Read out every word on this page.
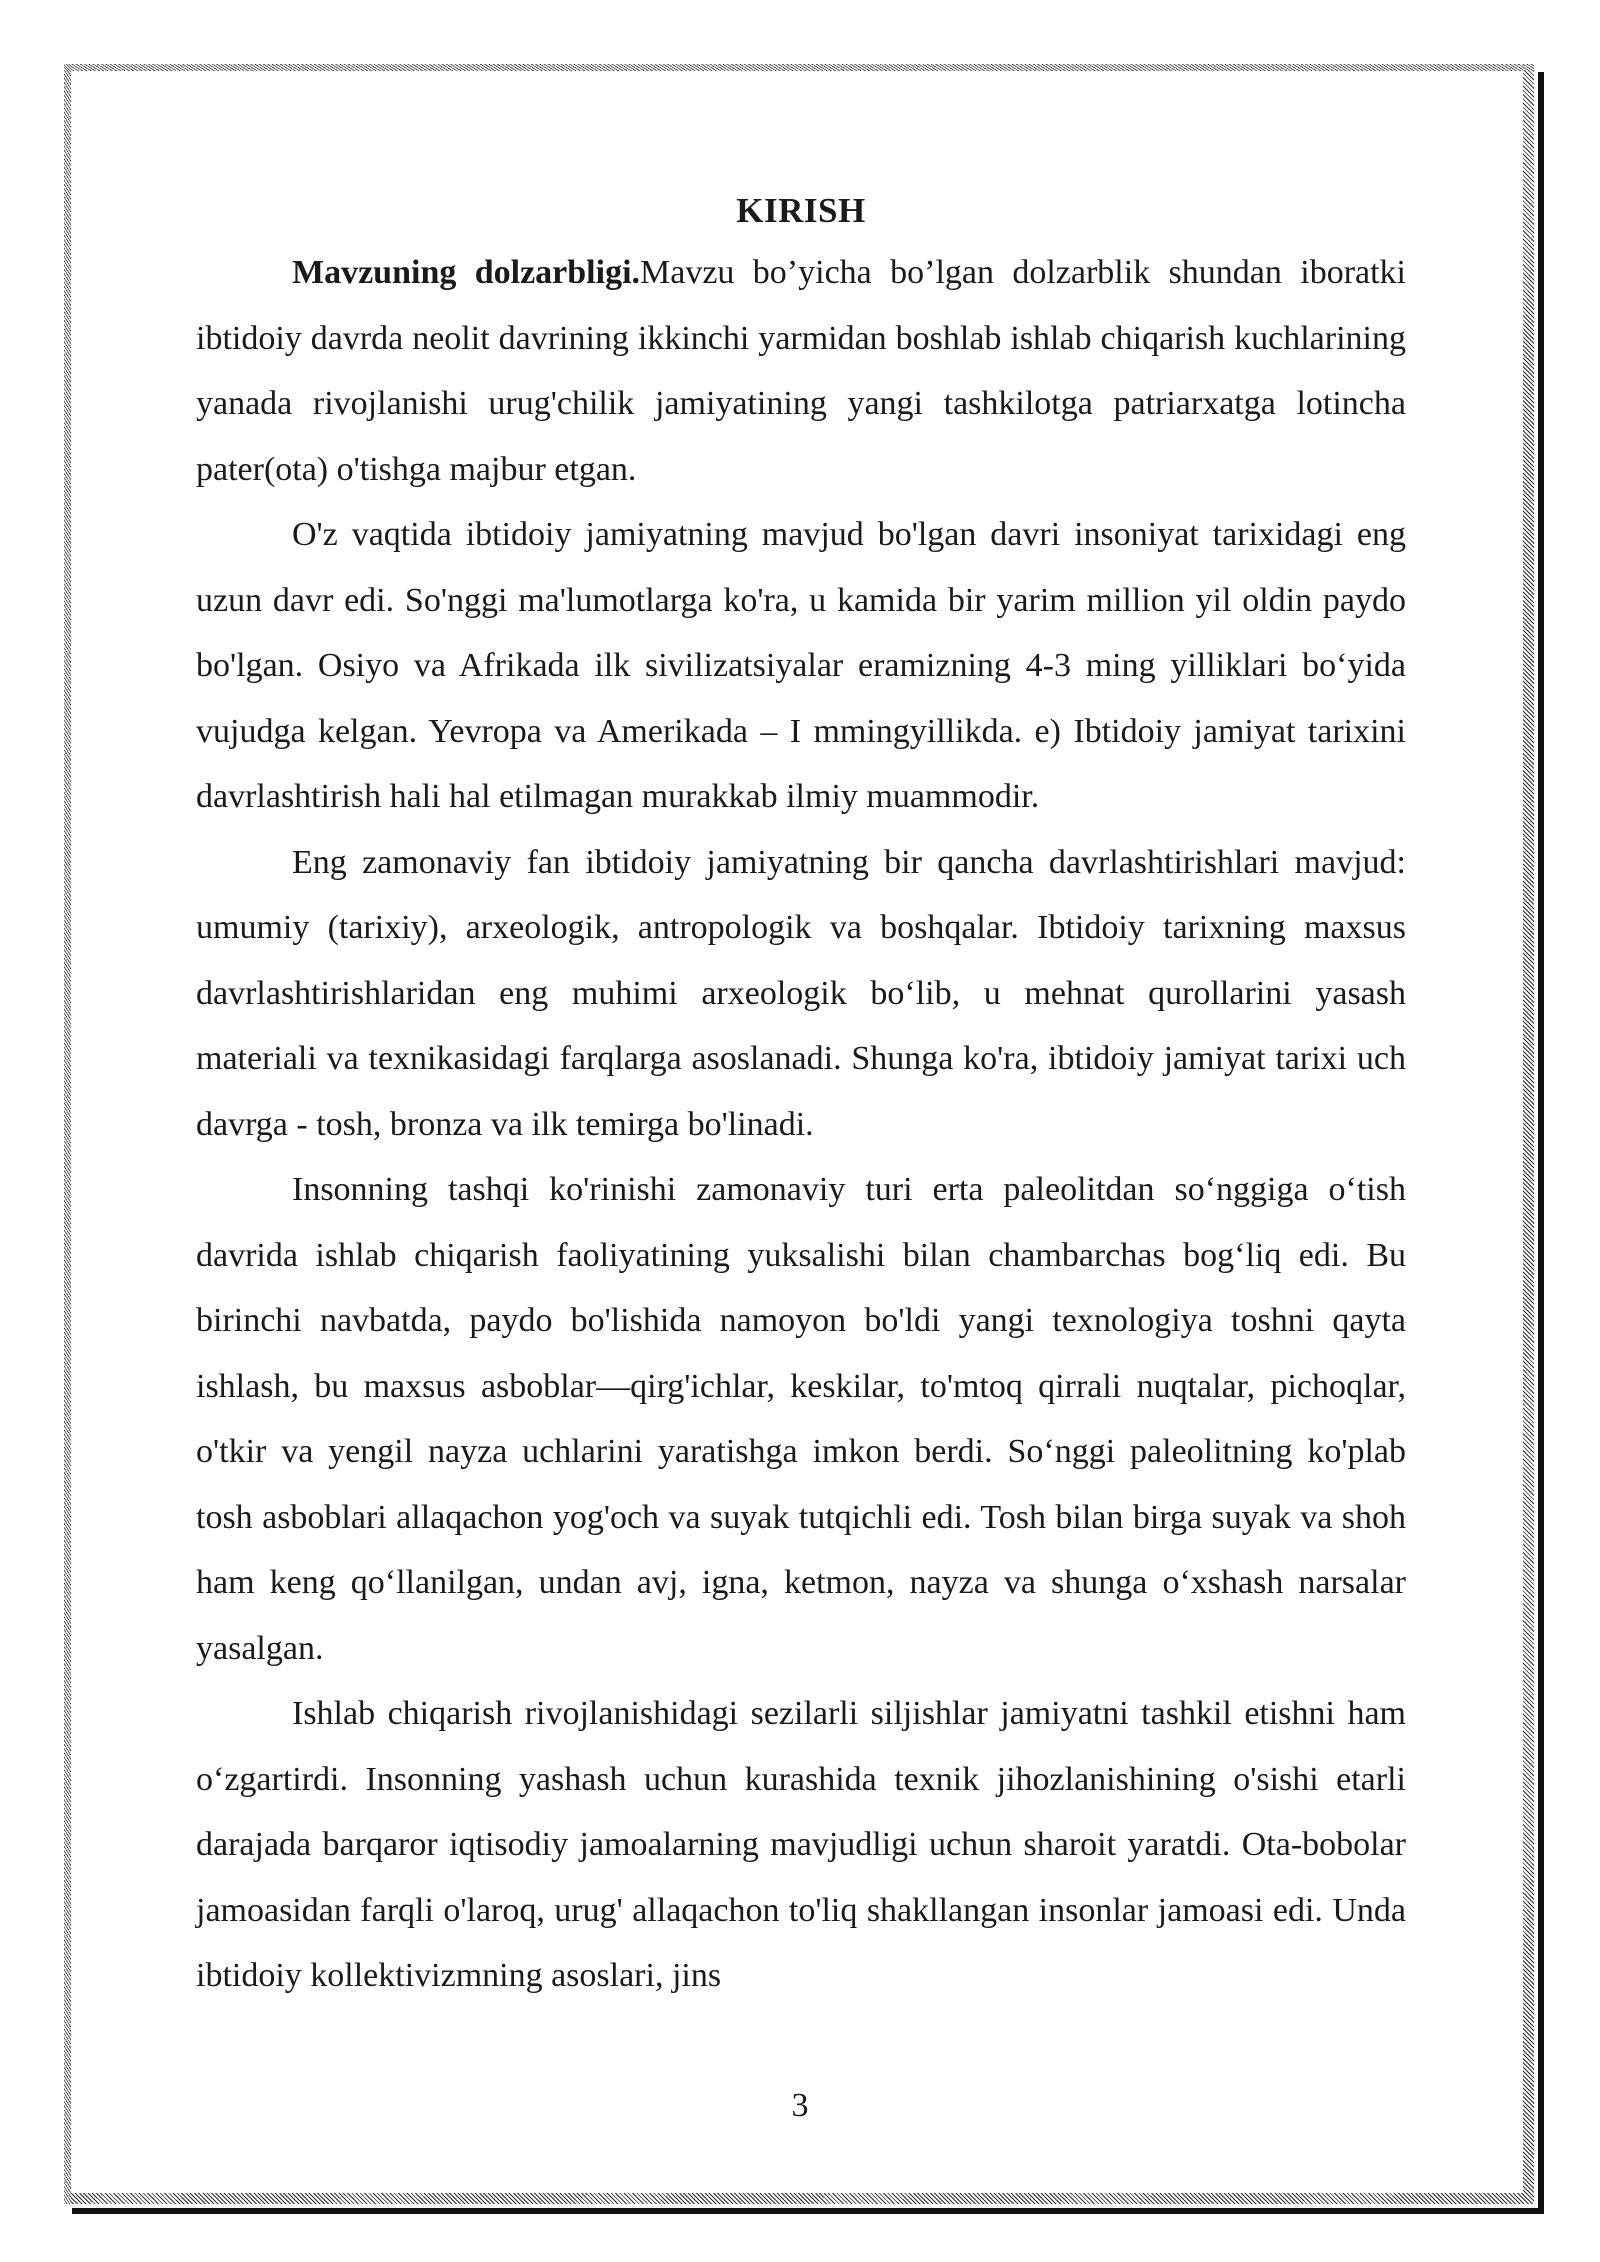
KIRISH

Mavzuning dolzarbligi.Mavzu bo’yicha bo’lgan dolzarblik shundan iboratki ibtidoiy davrda neolit davrining ikkinchi yarmidan boshlab ishlab chiqarish kuchlarining yanada rivojlanishi urug'chilik jamiyatining yangi tashkilotga patriarxatga lotincha pater(ota) o'tishga majbur etgan.

O'z vaqtida ibtidoiy jamiyatning mavjud bo'lgan davri insoniyat tarixidagi eng uzun davr edi. So'nggi ma'lumotlarga ko'ra, u kamida bir yarim million yil oldin paydo bo'lgan. Osiyo va Afrikada ilk sivilizatsiyalar eramizning 4-3 ming yilliklari bo‘yida vujudga kelgan. Yevropa va Amerikada – I mmingyillikda. e) Ibtidoiy jamiyat tarixini davrlashtirish hali hal etilmagan murakkab ilmiy muammodir.

Eng zamonaviy fan ibtidoiy jamiyatning bir qancha davrlashtirishlari mavjud: umumiy (tarixiy), arxeologik, antropologik va boshqalar. Ibtidoiy tarixning maxsus davrlashtirishlaridan eng muhimi arxeologik bo‘lib, u mehnat qurollarini yasash materiali va texnikasidagi farqlarga asoslanadi. Shunga ko'ra, ibtidoiy jamiyat tarixi uch davrga - tosh, bronza va ilk temirga bo'linadi.

Insonning tashqi ko'rinishi zamonaviy turi erta paleolitdan so‘nggiga o‘tish davrida ishlab chiqarish faoliyatining yuksalishi bilan chambarchas bog‘liq edi. Bu birinchi navbatda, paydo bo'lishida namoyon bo'ldi yangi texnologiya toshni qayta ishlash, bu maxsus asboblar—qirg'ichlar, keskilar, to'mtoq qirrali nuqtalar, pichoqlar, o'tkir va yengil nayza uchlarini yaratishga imkon berdi. So‘nggi paleolitning ko'plab tosh asboblari allaqachon yog'och va suyak tutqichli edi. Tosh bilan birga suyak va shoh ham keng qo‘llanilgan, undan avj, igna, ketmon, nayza va shunga o‘xshash narsalar yasalgan.

Ishlab chiqarish rivojlanishidagi sezilarli siljishlar jamiyatni tashkil etishni ham o‘zgartirdi. Insonning yashash uchun kurashida texnik jihozlanishining o'sishi etarli darajada barqaror iqtisodiy jamoalarning mavjudligi uchun sharoit yaratdi. Ota-bobolar jamoasidan farqli o'laroq, urug' allaqachon to'liq shakllangan insonlar jamoasi edi. Unda ibtidoiy kollektivizmning asoslari, jins

3
